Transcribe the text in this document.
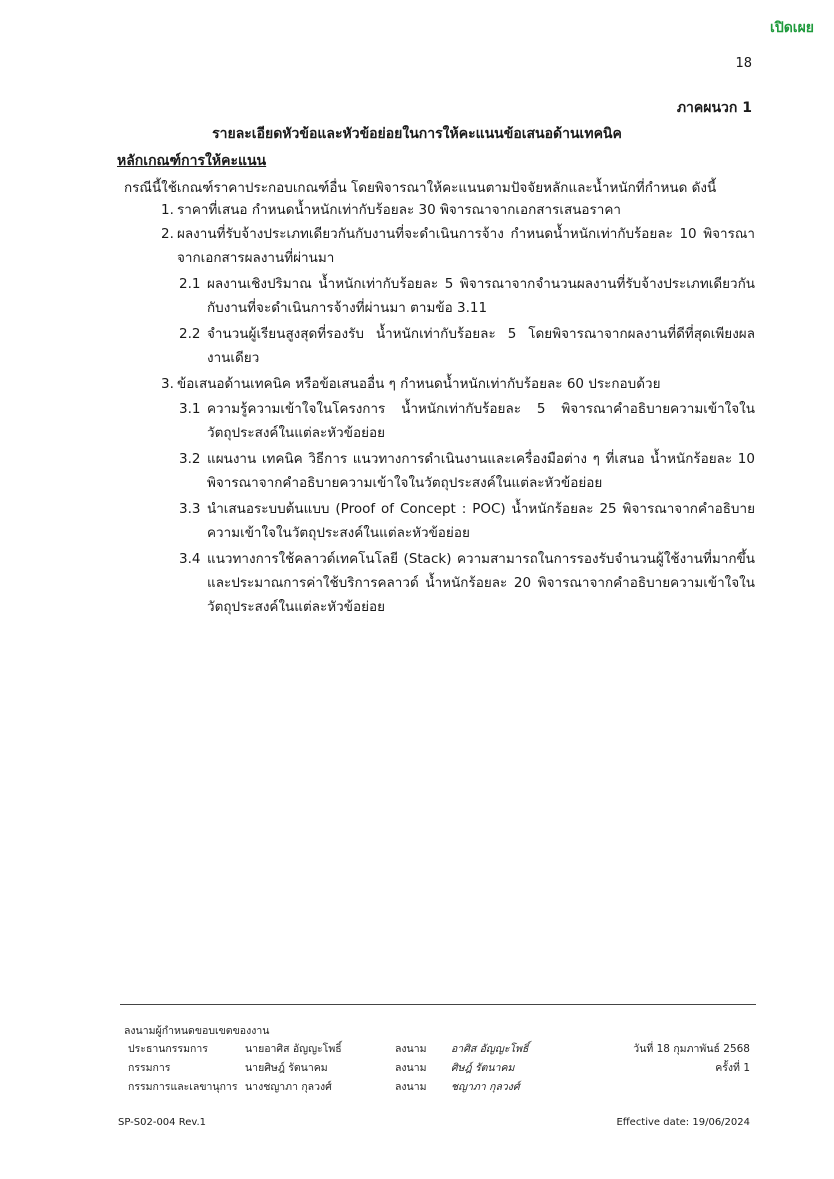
เปิดเผย
18
ภาคผนวก 1
รายละเอียดหัวข้อและหัวข้อย่อยในการให้คะแนนข้อเสนอด้านเทคนิค
หลักเกณฑ์การให้คะแนน
กรณีนี้ใช้เกณฑ์ราคาประกอบเกณฑ์อื่น โดยพิจารณาให้คะแนนตามปัจจัยหลักและน้ำหนักที่กำหนด ดังนี้
1. ราคาที่เสนอ กำหนดน้ำหนักเท่ากับร้อยละ 30 พิจารณาจากเอกสารเสนอราคา
2. ผลงานที่รับจ้างประเภทเดียวกันกับงานที่จะดำเนินการจ้าง กำหนดน้ำหนักเท่ากับร้อยละ 10 พิจารณาจากเอกสารผลงานที่ผ่านมา
2.1 ผลงานเชิงปริมาณ น้ำหนักเท่ากับร้อยละ 5 พิจารณาจากจำนวนผลงานที่รับจ้างประเภทเดียวกันกับงานที่จะดำเนินการจ้างที่ผ่านมา ตามข้อ 3.11
2.2 จำนวนผู้เรียนสูงสุดที่รองรับ น้ำหนักเท่ากับร้อยละ 5 โดยพิจารณาจากผลงานที่ดีที่สุดเพียงผลงานเดียว
3. ข้อเสนอด้านเทคนิค หรือข้อเสนออื่น ๆ กำหนดน้ำหนักเท่ากับร้อยละ 60 ประกอบด้วย
3.1 ความรู้ความเข้าใจในโครงการ น้ำหนักเท่ากับร้อยละ 5 พิจารณาคำอธิบายความเข้าใจในวัตถุประสงค์ในแต่ละหัวข้อย่อย
3.2 แผนงาน เทคนิค วิธีการ แนวทางการดำเนินงานและเครื่องมือต่าง ๆ ที่เสนอ น้ำหนักร้อยละ 10 พิจารณาจากคำอธิบายความเข้าใจในวัตถุประสงค์ในแต่ละหัวข้อย่อย
3.3 นำเสนอระบบต้นแบบ (Proof of Concept : POC) น้ำหนักร้อยละ 25 พิจารณาจากคำอธิบายความเข้าใจในวัตถุประสงค์ในแต่ละหัวข้อย่อย
3.4 แนวทางการใช้คลาวด์เทคโนโลยี (Stack) ความสามารถในการรองรับจำนวนผู้ใช้งานที่มากขึ้นและประมาณการค่าใช้บริการคลาวด์ น้ำหนักร้อยละ 20 พิจารณาจากคำอธิบายความเข้าใจในวัตถุประสงค์ในแต่ละหัวข้อย่อย
ลงนามผู้กำหนดขอบเขตของงาน
ประธานกรรมการ	นายอาศิส อัญญะโพธิ์	ลงนาม อาศิส อัญญะโพธิ์	วันที่ 18 กุมภาพันธ์ 2568
กรรมการ	นายศิษฎ์ รัตนาคม	ลงนาม ศิษฎ์ รัตนาคม	ครั้งที่ 1
กรรมการและเลขานุการ นางชญาภา กุลวงศ์	ลงนาม ชญาภา กุลวงศ์
SP-S02-004 Rev.1	Effective date: 19/06/2024
